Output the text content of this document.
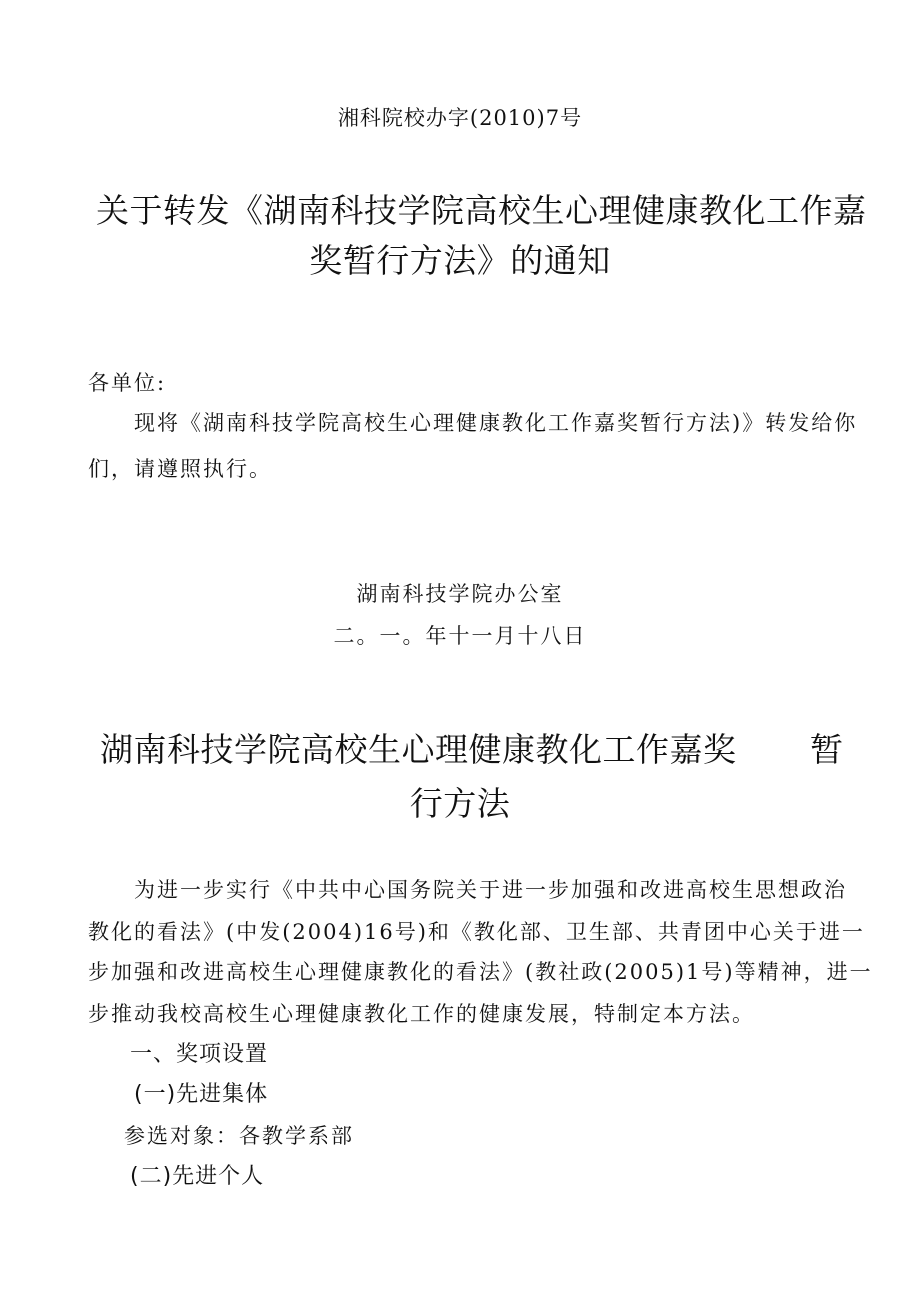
湘科院校办字(2010)7号
关于转发《湖南科技学院高校生心理健康教化工作嘉
奖暂行方法》的通知
各单位:
现将《湖南科技学院高校生心理健康教化工作嘉奖暂行方法)》转发给你
们，请遵照执行。
湖南科技学院办公室
二。一。年十一月十八日
湖南科技学院高校生心理健康教化工作嘉奖 暂
行方法
为进一步实行《中共中心国务院关于进一步加强和改进高校生思想政治
教化的看法》(中发(2004)16号)和《教化部、卫生部、共青团中心关于进一
步加强和改进高校生心理健康教化的看法》(教社政(2005)1号)等精神，进一
步推动我校高校生心理健康教化工作的健康发展，特制定本方法。
一、奖项设置
(一)先进集体
参选对象：各教学系部
(二)先进个人
